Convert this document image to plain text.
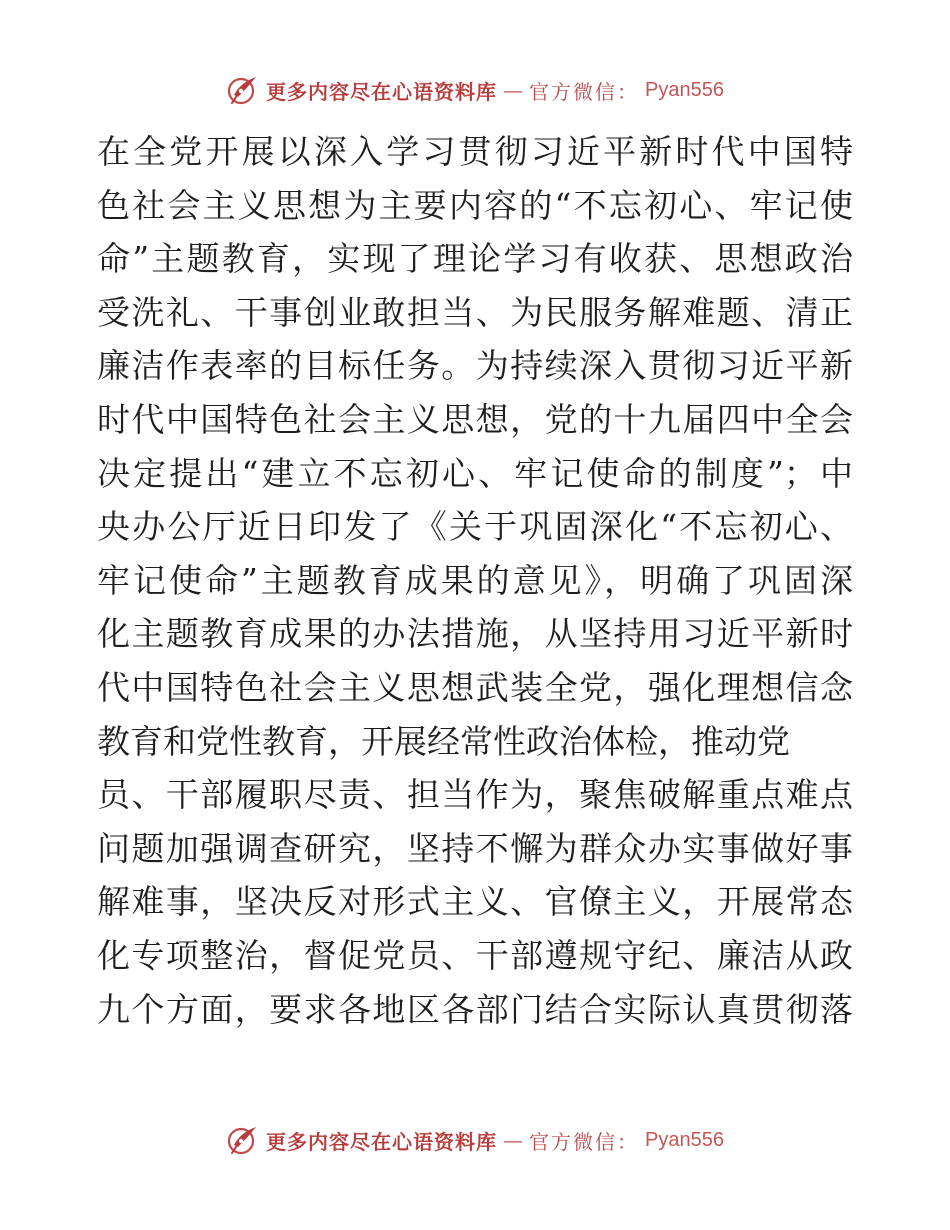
更多内容尽在心语资料库 — 官方微信： Pyan556
在全党开展以深入学习贯彻习近平新时代中国特
色社会主义思想为主要内容的“不忘初心、牢记使
命”主题教育，实现了理论学习有收获、思想政治
受洗礼、干事创业敢担当、为民服务解难题、清正
廉洁作表率的目标任务。为持续深入贯彻习近平新
时代中国特色社会主义思想，党的十九届四中全会
决定提出“建立不忘初心、牢记使命的制度”；中
央办公厅近日印发了《关于巩固深化“不忘初心、
牢记使命”主题教育成果的意见》，明确了巩固深
化主题教育成果的办法措施，从坚持用习近平新时
代中国特色社会主义思想武装全党，强化理想信念
教育和党性教育，开展经常性政治体检，推动党
员、干部履职尽责、担当作为，聚焦破解重点难点
问题加强调查研究，坚持不懈为群众办实事做好事
解难事，坚决反对形式主义、官僚主义，开展常态
化专项整治，督促党员、干部遵规守纪、廉洁从政
九个方面，要求各地区各部门结合实际认真贯彻落
更多内容尽在心语资料库 — 官方微信： Pyan556
